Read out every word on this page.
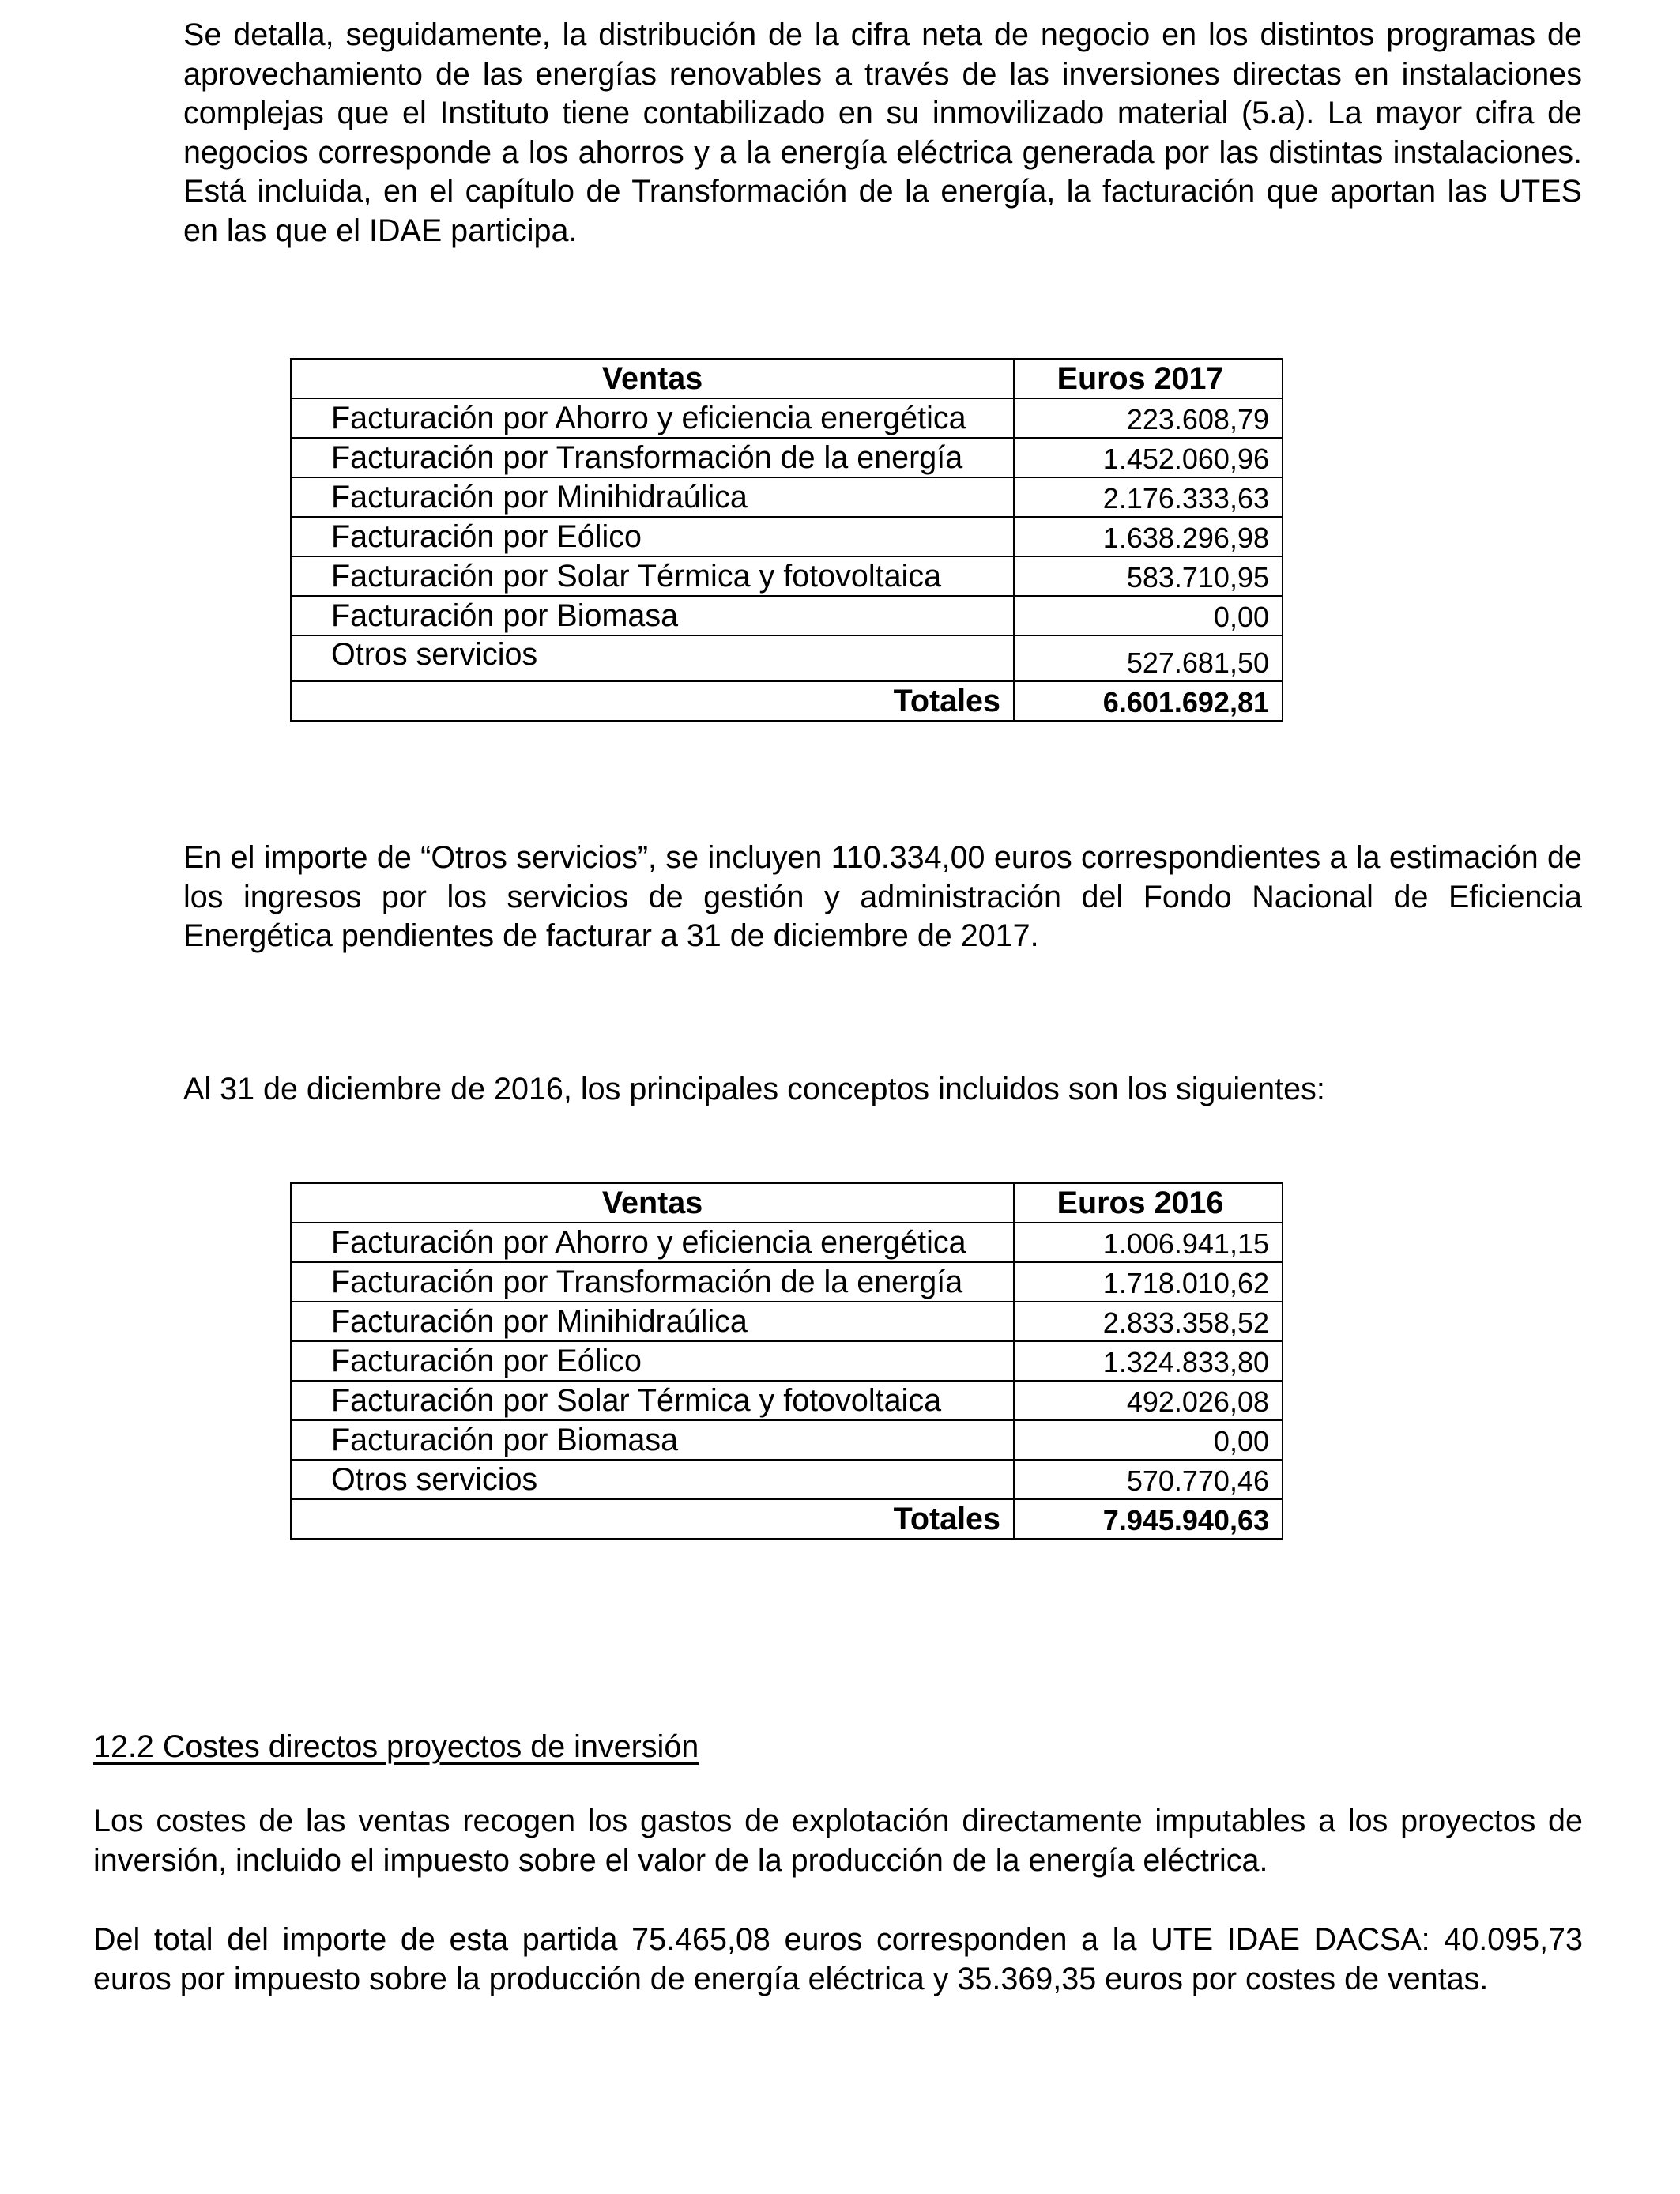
Se detalla, seguidamente, la distribución de la cifra neta de negocio en los distintos programas de aprovechamiento de las energías renovables a través de las inversiones directas en instalaciones complejas que el Instituto tiene contabilizado en su inmovilizado material (5.a). La mayor cifra de negocios corresponde a los ahorros y a la energía eléctrica generada por las distintas instalaciones. Está incluida, en el capítulo de Transformación de la energía, la facturación que aportan las UTES en las que el IDAE participa.

Ventas	Euros 2017
Facturación por Ahorro y eficiencia energética	223.608,79
Facturación por Transformación de la energía	1.452.060,96
Facturación por Minihidraúlica	2.176.333,63
Facturación por Eólico	1.638.296,98
Facturación por Solar Térmica y fotovoltaica	583.710,95
Facturación por Biomasa	0,00
Otros servicios	527.681,50
Totales	6.601.692,81

En el importe de “Otros servicios”, se incluyen 110.334,00 euros correspondientes a la estimación de los ingresos por los servicios de gestión y administración del Fondo Nacional de Eficiencia Energética pendientes de facturar a 31 de diciembre de 2017.

Al 31 de diciembre de 2016, los principales conceptos incluidos son los siguientes:

Ventas	Euros 2016
Facturación por Ahorro y eficiencia energética	1.006.941,15
Facturación por Transformación de la energía	1.718.010,62
Facturación por Minihidraúlica	2.833.358,52
Facturación por Eólico	1.324.833,80
Facturación por Solar Térmica y fotovoltaica	492.026,08
Facturación por Biomasa	0,00
Otros servicios	570.770,46
Totales	7.945.940,63

12.2 Costes directos proyectos de inversión

Los costes de las ventas recogen los gastos de explotación directamente imputables a los proyectos de inversión, incluido el impuesto sobre el valor de la producción de la energía eléctrica.

Del total del importe de esta partida 75.465,08 euros corresponden a la UTE IDAE DACSA: 40.095,73 euros por impuesto sobre la producción de energía eléctrica y 35.369,35 euros por costes de ventas.
